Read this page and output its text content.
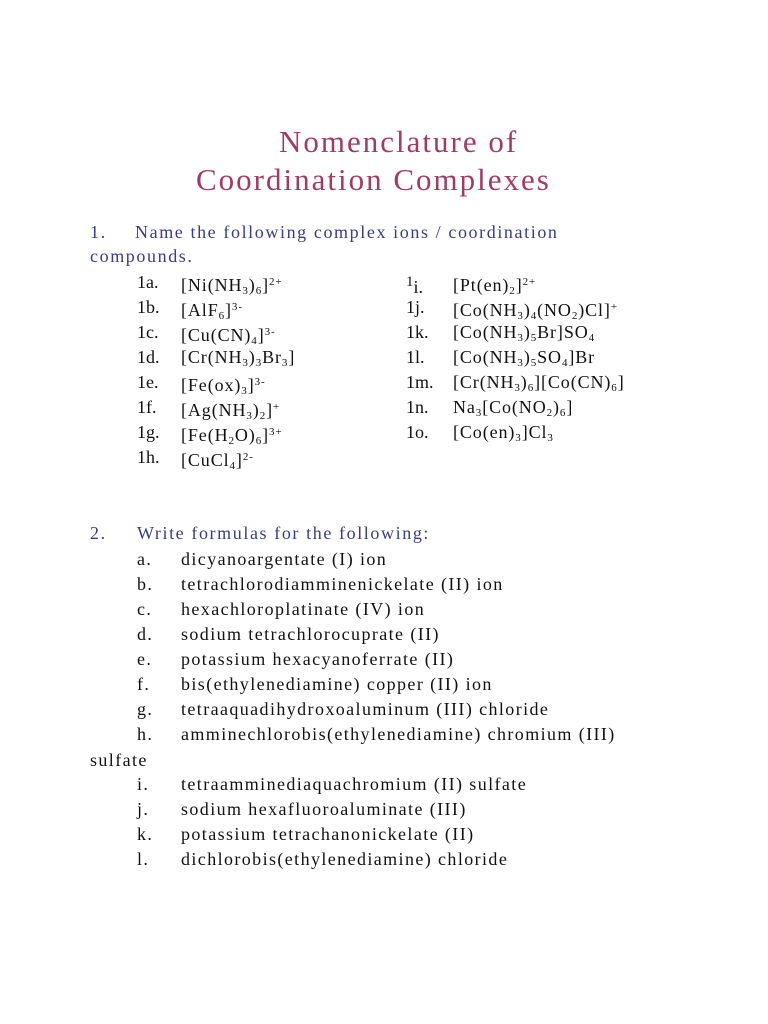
Nomenclature of
Coordination Complexes
1. Name the following complex ions / coordination
compounds.
1a. $[Ni(NH_3)_6]^{2+}$
1b. $[AlF_6]^{3-}$
1c. $[Cu(CN)_4]^{3-}$
1d. $[Cr(NH_3)_3Br_3]$
1e. $[Fe(ox)_3]^{3-}$
1f. $[Ag(NH_3)_2]^+$
1g. $[Fe(H_2O)_6]^{3+}$
1h. [CuCl$_4$]$^{2-}$
$^1$i. $[Pt(en)_2]^{2+}$
1j. $[Co(NH_3)_4(NO_2)Cl]^+$
1k. $[Co(NH_3)_5Br]SO_4$
1l. $[Co(NH_3)_5SO_4]Br$
1m. $[Cr(NH_3)_6][Co(CN)_6]$
1n. $Na_3[Co(NO_2)_6]$
1o. $[Co(en)_3]Cl_3$
2. Write formulas for the following:
a. dicyanoargentate (I) ion
b. tetrachlorodiamminenickelate (II) ion
c. hexachloroplatinate (IV) ion
d. sodium tetrachlorocuprate (II)
e. potassium hexacyanoferrate (II)
f. bis(ethylenediamine) copper (II) ion
g. tetraaquadihydroxoaluminum (III) chloride
h. amminechlorobis(ethylenediamine) chromium (III)
i. tetraamminediaquachromium (II) sulfate
j. sodium hexafluoroaluminate (III)
k. potassium tetrachanonickelate (II)
l. dichlorobis(ethylenediamine) chloride
sulfate
